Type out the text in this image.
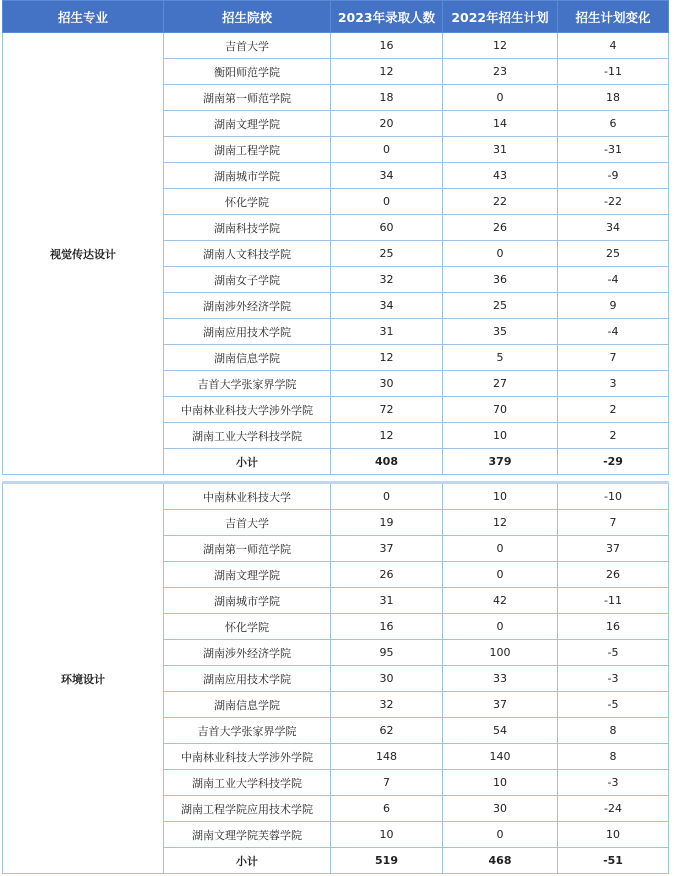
招生专业	招生院校	2023年录取人数	2022年招生计划	招生计划变化
视觉传达设计	吉首大学	16	12	4
	衡阳师范学院	12	23	-11
	湖南第一师范学院	18	0	18
	湖南文理学院	20	14	6
	湖南工程学院	0	31	-31
	湖南城市学院	34	43	-9
	怀化学院	0	22	-22
	湖南科技学院	60	26	34
	湖南人文科技学院	25	0	25
	湖南女子学院	32	36	-4
	湖南涉外经济学院	34	25	9
	湖南应用技术学院	31	35	-4
	湖南信息学院	12	5	7
	吉首大学张家界学院	30	27	3
	中南林业科技大学涉外学院	72	70	2
	湖南工业大学科技学院	12	10	2
	小计	408	379	-29
环境设计	中南林业科技大学	0	10	-10
	吉首大学	19	12	7
	湖南第一师范学院	37	0	37
	湖南文理学院	26	0	26
	湖南城市学院	31	42	-11
	怀化学院	16	0	16
	湖南涉外经济学院	95	100	-5
	湖南应用技术学院	30	33	-3
	湖南信息学院	32	37	-5
	吉首大学张家界学院	62	54	8
	中南林业科技大学涉外学院	148	140	8
	湖南工业大学科技学院	7	10	-3
	湖南工程学院应用技术学院	6	30	-24
	湖南文理学院芙蓉学院	10	0	10
	小计	519	468	-51
